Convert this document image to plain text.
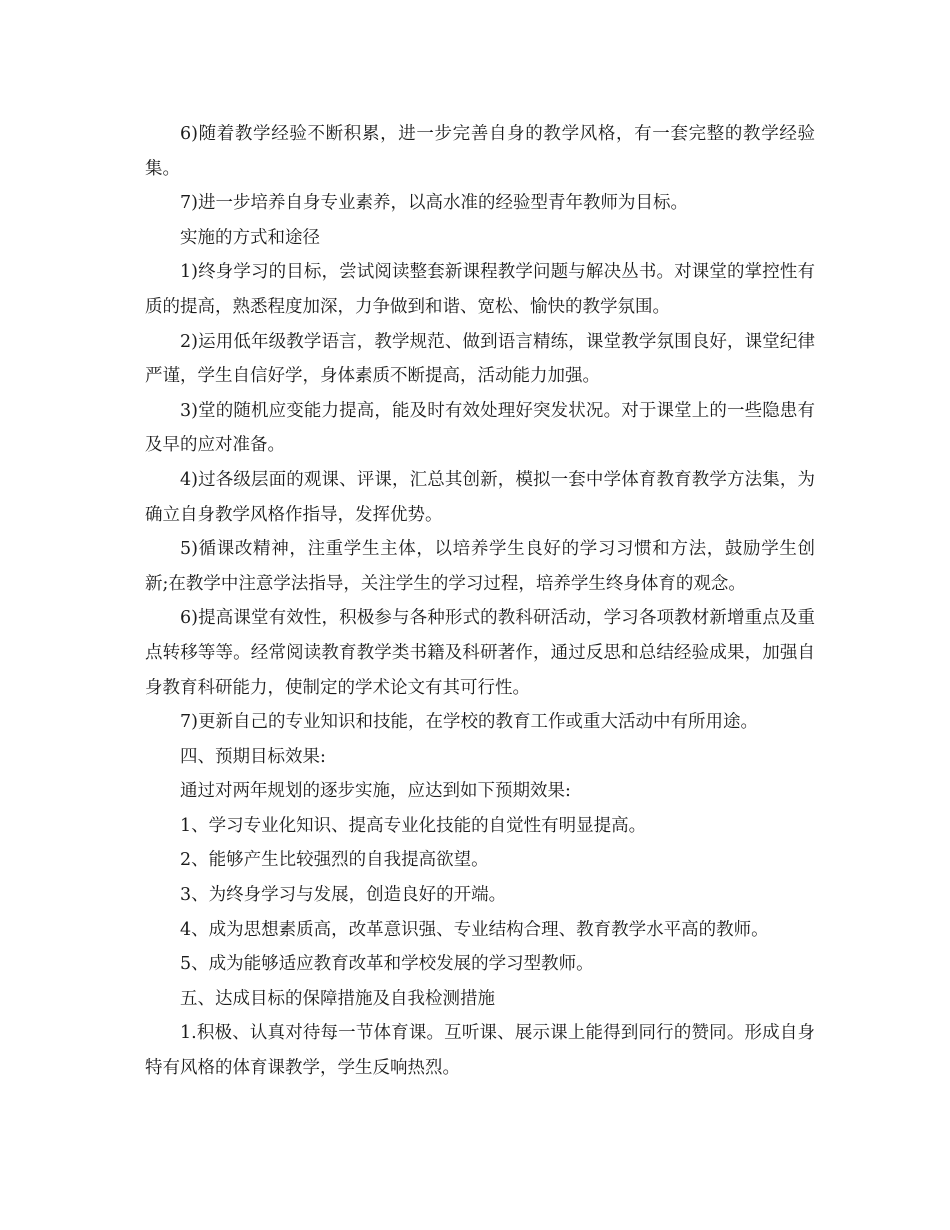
6)随着教学经验不断积累，进一步完善自身的教学风格，有一套完整的教学经验集。

7)进一步培养自身专业素养，以高水准的经验型青年教师为目标。

实施的方式和途径

1)终身学习的目标，尝试阅读整套新课程教学问题与解决丛书。对课堂的掌控性有质的提高，熟悉程度加深，力争做到和谐、宽松、愉快的教学氛围。

2)运用低年级教学语言，教学规范、做到语言精练，课堂教学氛围良好，课堂纪律严谨，学生自信好学，身体素质不断提高，活动能力加强。

3)堂的随机应变能力提高，能及时有效处理好突发状况。对于课堂上的一些隐患有及早的应对准备。

4)过各级层面的观课、评课，汇总其创新，模拟一套中学体育教育教学方法集，为确立自身教学风格作指导，发挥优势。

5)循课改精神，注重学生主体，以培养学生良好的学习习惯和方法，鼓励学生创新;在教学中注意学法指导，关注学生的学习过程，培养学生终身体育的观念。

6)提高课堂有效性，积极参与各种形式的教科研活动，学习各项教材新增重点及重点转移等等。经常阅读教育教学类书籍及科研著作，通过反思和总结经验成果，加强自身教育科研能力，使制定的学术论文有其可行性。

7)更新自己的专业知识和技能，在学校的教育工作或重大活动中有所用途。

四、预期目标效果:

通过对两年规划的逐步实施，应达到如下预期效果:

1、学习专业化知识、提高专业化技能的自觉性有明显提高。

2、能够产生比较强烈的自我提高欲望。

3、为终身学习与发展，创造良好的开端。

4、成为思想素质高，改革意识强、专业结构合理、教育教学水平高的教师。

5、成为能够适应教育改革和学校发展的学习型教师。

五、达成目标的保障措施及自我检测措施

1.积极、认真对待每一节体育课。互听课、展示课上能得到同行的赞同。形成自身特有风格的体育课教学，学生反响热烈。
